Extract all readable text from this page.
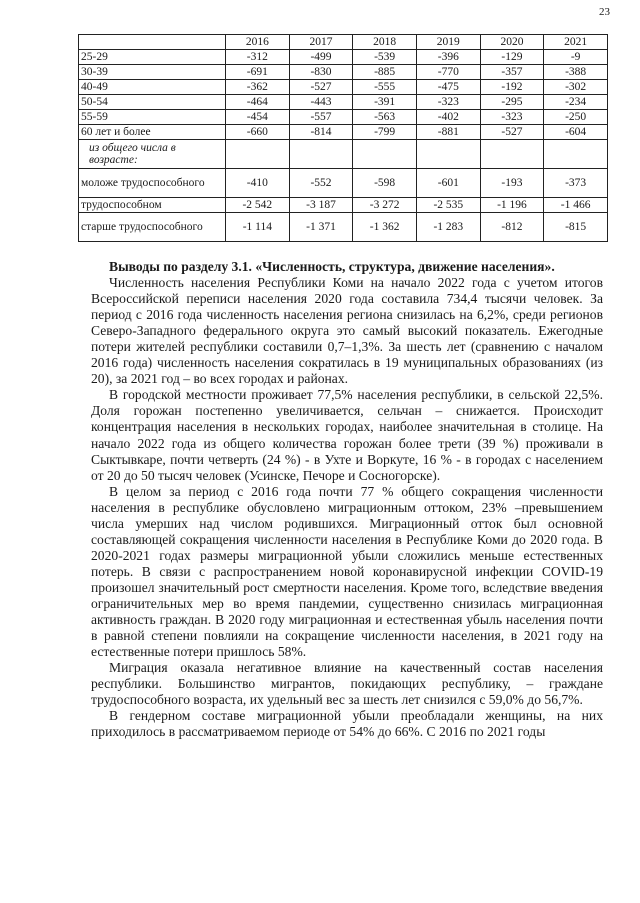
23
	2016	2017	2018	2019	2020	2021
25-29	-312	-499	-539	-396	-129	-9
30-39	-691	-830	-885	-770	-357	-388
40-49	-362	-527	-555	-475	-192	-302
50-54	-464	-443	-391	-323	-295	-234
55-59	-454	-557	-563	-402	-323	-250
60 лет и более	-660	-814	-799	-881	-527	-604
из общего числа в возрасте:						
моложе трудоспособного	-410	-552	-598	-601	-193	-373
трудоспособном	-2 542	-3 187	-3 272	-2 535	-1 196	-1 466
старше трудоспособного	-1 114	-1 371	-1 362	-1 283	-812	-815

Выводы по разделу 3.1. «Численность, структура, движение населения».

Численность населения Республики Коми на начало 2022 года с учетом итогов Всероссийской переписи населения 2020 года составила 734,4 тысячи человек. За период с 2016 года численность населения региона снизилась на 6,2%, среди регионов Северо-Западного федерального округа это самый высокий показатель. Ежегодные потери жителей республики составили 0,7–1,3%. За шесть лет (сравнению с началом 2016 года) численность населения сократилась в 19 муниципальных образованиях (из 20), за 2021 год – во всех городах и районах.

В городской местности проживает 77,5% населения республики, в сельской 22,5%. Доля горожан постепенно увеличивается, сельчан – снижается. Происходит концентрация населения в нескольких городах, наиболее значительная в столице. На начало 2022 года из общего количества горожан более трети (39 %) проживали в Сыктывкаре, почти четверть (24 %) - в Ухте и Воркуте, 16 % - в городах с населением от 20 до 50 тысяч человек (Усинске, Печоре и Сосногорске).

В целом за период с 2016 года почти 77 % общего сокращения численности населения в республике обусловлено миграционным оттоком, 23% –превышением числа умерших над числом родившихся. Миграционный отток был основной составляющей сокращения численности населения в Республике Коми до 2020 года. В 2020-2021 годах размеры миграционной убыли сложились меньше естественных потерь. В связи с распространением новой коронавирусной инфекции COVID-19 произошел значительный рост смертности населения. Кроме того, вследствие введения ограничительных мер во время пандемии, существенно снизилась миграционная активность граждан. В 2020 году миграционная и естественная убыль населения почти в равной степени повлияли на сокращение численности населения, в 2021 году на естественные потери пришлось 58%.

Миграция оказала негативное влияние на качественный состав населения республики. Большинство мигрантов, покидающих республику, – граждане трудоспособного возраста, их удельный вес за шесть лет снизился с 59,0% до 56,7%.

В гендерном составе миграционной убыли преобладали женщины, на них приходилось в рассматриваемом периоде от 54% до 66%. С 2016 по 2021 годы
